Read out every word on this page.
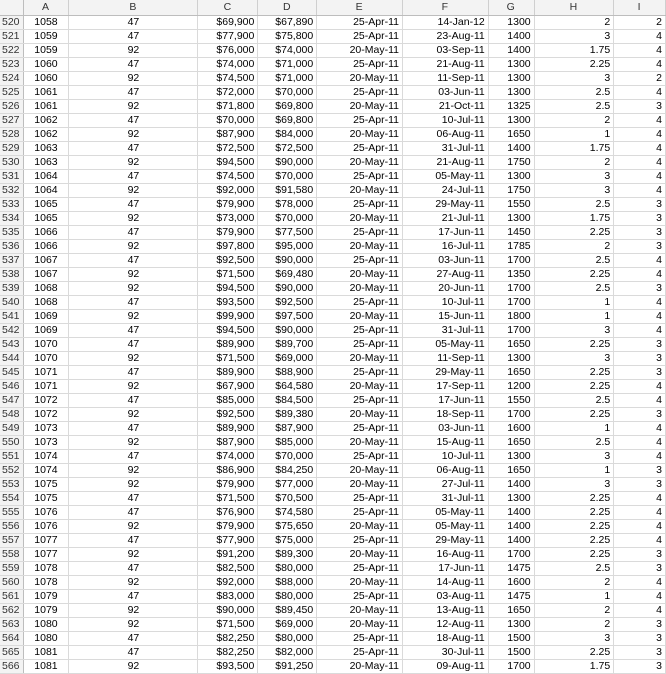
	A	B	C	D	E	F	G	H	I
520	1058	47	$69,900	$67,890	25-Apr-11	14-Jan-12	1300	2	2
521	1059	47	$77,900	$75,800	25-Apr-11	23-Aug-11	1400	3	4
522	1059	92	$76,000	$74,000	20-May-11	03-Sep-11	1400	1.75	4
523	1060	47	$74,000	$71,000	25-Apr-11	21-Aug-11	1300	2.25	4
524	1060	92	$74,500	$71,000	20-May-11	11-Sep-11	1300	3	2
525	1061	47	$72,000	$70,000	25-Apr-11	03-Jun-11	1300	2.5	4
526	1061	92	$71,800	$69,800	20-May-11	21-Oct-11	1325	2.5	3
527	1062	47	$70,000	$69,800	25-Apr-11	10-Jul-11	1300	2	4
528	1062	92	$87,900	$84,000	20-May-11	06-Aug-11	1650	1	4
529	1063	47	$72,500	$72,500	25-Apr-11	31-Jul-11	1400	1.75	4
530	1063	92	$94,500	$90,000	20-May-11	21-Aug-11	1750	2	4
531	1064	47	$74,500	$70,000	25-Apr-11	05-May-11	1300	3	4
532	1064	92	$92,000	$91,580	20-May-11	24-Jul-11	1750	3	4
533	1065	47	$79,900	$78,000	25-Apr-11	29-May-11	1550	2.5	3
534	1065	92	$73,000	$70,000	20-May-11	21-Jul-11	1300	1.75	3
535	1066	47	$79,900	$77,500	25-Apr-11	17-Jun-11	1450	2.25	3
536	1066	92	$97,800	$95,000	20-May-11	16-Jul-11	1785	2	3
537	1067	47	$92,500	$90,000	25-Apr-11	03-Jun-11	1700	2.5	4
538	1067	92	$71,500	$69,480	20-May-11	27-Aug-11	1350	2.25	4
539	1068	92	$94,500	$90,000	20-May-11	20-Jun-11	1700	2.5	3
540	1068	47	$93,500	$92,500	25-Apr-11	10-Jul-11	1700	1	4
541	1069	92	$99,900	$97,500	20-May-11	15-Jun-11	1800	1	4
542	1069	47	$94,500	$90,000	25-Apr-11	31-Jul-11	1700	3	4
543	1070	47	$89,900	$89,700	25-Apr-11	05-May-11	1650	2.25	3
544	1070	92	$71,500	$69,000	20-May-11	11-Sep-11	1300	3	3
545	1071	47	$89,900	$88,900	25-Apr-11	29-May-11	1650	2.25	3
546	1071	92	$67,900	$64,580	20-May-11	17-Sep-11	1200	2.25	4
547	1072	47	$85,000	$84,500	25-Apr-11	17-Jun-11	1550	2.5	4
548	1072	92	$92,500	$89,380	20-May-11	18-Sep-11	1700	2.25	3
549	1073	47	$89,900	$87,900	25-Apr-11	03-Jun-11	1600	1	4
550	1073	92	$87,900	$85,000	20-May-11	15-Aug-11	1650	2.5	4
551	1074	47	$74,000	$70,000	25-Apr-11	10-Jul-11	1300	3	4
552	1074	92	$86,900	$84,250	20-May-11	06-Aug-11	1650	1	3
553	1075	92	$79,900	$77,000	20-May-11	27-Jul-11	1400	3	3
554	1075	47	$71,500	$70,500	25-Apr-11	31-Jul-11	1300	2.25	4
555	1076	47	$76,900	$74,580	25-Apr-11	05-May-11	1400	2.25	4
556	1076	92	$79,900	$75,650	20-May-11	05-May-11	1400	2.25	4
557	1077	47	$77,900	$75,000	25-Apr-11	29-May-11	1400	2.25	4
558	1077	92	$91,200	$89,300	20-May-11	16-Aug-11	1700	2.25	3
559	1078	47	$82,500	$80,000	25-Apr-11	17-Jun-11	1475	2.5	3
560	1078	92	$92,000	$88,000	20-May-11	14-Aug-11	1600	2	4
561	1079	47	$83,000	$80,000	25-Apr-11	03-Aug-11	1475	1	4
562	1079	92	$90,000	$89,450	20-May-11	13-Aug-11	1650	2	4
563	1080	92	$71,500	$69,000	20-May-11	12-Aug-11	1300	2	3
564	1080	47	$82,250	$80,000	25-Apr-11	18-Aug-11	1500	3	3
565	1081	47	$82,250	$82,000	25-Apr-11	30-Jul-11	1500	2.25	3
566	1081	92	$93,500	$91,250	20-May-11	09-Aug-11	1700	1.75	3
